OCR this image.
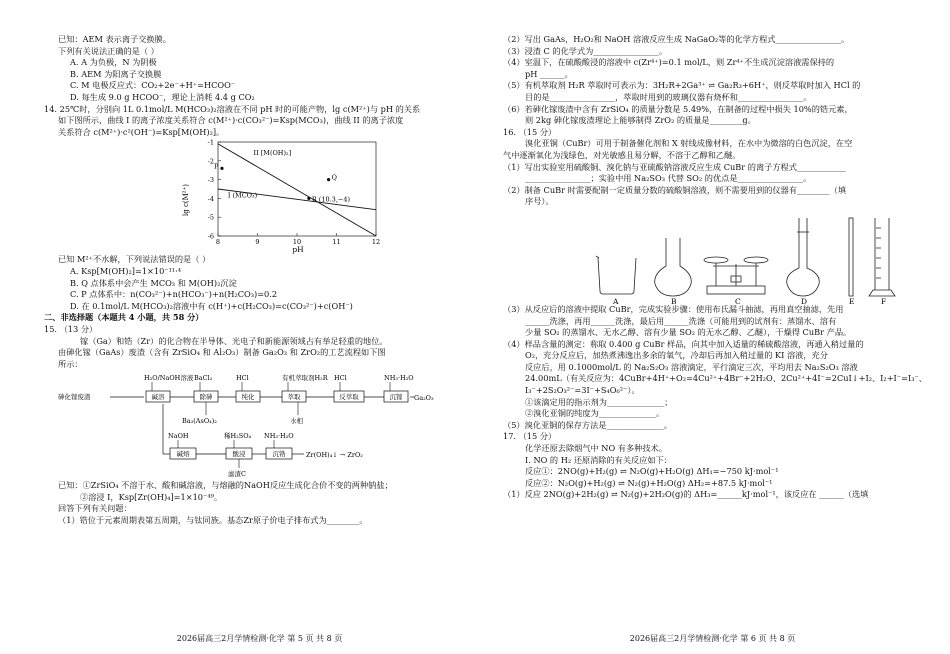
已知：AEM 表示离子交换膜。
下列有关说法正确的是（ ）
A. A 为负极，N 为阴极
B. AEM 为阳离子交换膜
C. M 电极反应式：CO₂+2e⁻+H⁺=HCOO⁻
D. 每生成 9.0 g HCOO⁻，理论上消耗 4.4 g CO₂
14. 25℃时，分别向 1L 0.1mol/L M(HCO₃)₂溶液在不同 pH 时的可能产物，lg c(M²⁺)与 pH 的关系
如下图所示，曲线 I 的离子浓度关系符合 c(M²⁺)·c(CO₃²⁻)=Ksp(MCO₃)，曲线 II 的离子浓度
关系符合 c(M²⁺)·c²(OH⁻)=Ksp[M(OH)₂]。
lg c(M²⁺)
8	9	10	11	12
-1
-2
-3
-4
-5
-6
II [M(OH)₂]
I (MCO₃)
P
Q
R (10.3,−4)
pH
已知 M²⁺不水解，下列说法错误的是（ ）
A. Ksp[M(OH)₂]=1×10⁻¹¹·⁴
B. Q 点体系中会产生 MCO₃ 和 M(OH)₂沉淀
C. P 点体系中：n(CO₃²⁻)+n(HCO₃⁻)+n(H₂CO₃)=0.2
D. 在 0.1mol/L M(HCO₃)₂溶液中有 c(H⁺)+c(H₂CO₃)=c(CO₃²⁻)+c(OH⁻)
二、非选择题（本题共 4 小题，共 58 分）
15. （13 分）
镓（Ga）和锆（Zr）的化合物在半导体、光电子和新能源领域占有举足轻重的地位。
由砷化镓（GaAs）废渣（含有 ZrSiO₄ 和 Al₂O₃）制备 Ga₂O₃ 和 ZrO₂的工艺流程如下图
所示：
砷化镓废渣	碱溶
H₂O/NaOH溶液
除砷
BaCl₂
纯化
HCl
萃取
有机萃取剂H₂R
反萃取
HCl
沉镓
NH₃·H₂O
Ga₂O₃
Ba₃(AsO₄)₂	水相
碱熔
NaOH
酸浸
稀H₂SO₄
沉锆
NH₃·H₂O
Zr(OH)₄↓ → ZrO₂
滤渣C
已知：①ZrSiO₄ 不溶于水、酸和碱溶液，与熔融的NaOH反应生成化合价不变的两种钠盐；
②溶浸 I，Ksp[Zr(OH)₄]=1×10⁻⁴⁹。
回答下列有关问题：
（1）锆位于元素周期表第五周期，与钛同族。基态Zr原子价电子排布式为________。
2026届高三2月学情检测·化学 第 5 页 共 8 页
（2）写出 GaAs，H₂O₂和 NaOH 溶液反应生成 NaGaO₂等的化学方程式________________。
（3）浸渣 C 的化学式为________________。
（4）室温下，在硫酸酸浸的溶液中 c(Zr⁴⁺)=0.1 mol/L，则 Zr⁴⁺不生成沉淀溶液需保持的
pH ______。
（5）有机萃取剂 H₂R 萃取时可表示为：3H₂R+2Ga³⁺ ⇌ Ga₂R₃+6H⁺，则反萃取时加入 HCl 的
目的是________________，萃取时用到的玻璃仪器有烧杯和________________。
（6）若砷化镓废渣中含有 ZrSiO₄ 的质量分数是 5.49%，在制备的过程中损失 10%的锆元素，
则 2kg 砷化镓废渣理论上能够制得 ZrO₂ 的质量是________g。
16. （15 分）
溴化亚铜（CuBr）可用于制备催化剂和 X 射线成像材料，在水中为微溶的白色沉淀，在空
气中逐渐氧化为浅绿色，对光敏感且易分解，不溶于乙醇和乙醚。
（1）写出实验室用硫酸铜、溴化钠与亚硫酸钠溶液反应生成 CuBr 的离子方程式____________
________________；实验中用 Na₂SO₃ 代替 SO₂ 的优点是________________。
（2）制备 CuBr 时需要配制一定质量分数的硫酸铜溶液，则不需要用到的仪器有________（填
序号）。
A	B	C	D	E	F
（3）从反应后的溶液中提取 CuBr，完成实验步骤：使用布氏漏斗抽滤，再用真空抽滤，先用
______洗涤，再用______洗涤，最后用______洗涤（可能用到的试剂有：蒸馏水、溶有
少量 SO₂ 的蒸馏水、无水乙醇、溶有少量 SO₂ 的无水乙醇、乙醚），干燥得 CuBr 产品。
（4）样品含量的测定：称取 0.400 g CuBr 样品，向其中加入适量的稀硫酸溶液，再通入稍过量的
O₂，充分反应后，加热煮沸逸出多余的氧气，冷却后再加入稍过量的 KI 溶液，充分
反应后，用 0.1000mol/L 的 Na₂S₂O₃ 溶液滴定，平行滴定三次，平均用去 Na₂S₂O₃ 溶液
24.00mL（有关反应为：4CuBr+4H⁺+O₂=4Cu²⁺+4Br⁻+2H₂O、2Cu²⁺+4I⁻=2CuI↓+I₂、I₂+I⁻=I₃⁻、
I₃⁻+2S₂O₃²⁻=3I⁻+S₄O₆²⁻）。
①该滴定用的指示剂为______________；
②溴化亚铜的纯度为______________。
（5）溴化亚铜的保存方法是______________。
17. （15 分）
化学还原去除烟气中 NO 有多种技术。
I. NO 的 H₂ 还原消除的有关反应如下：
反应①：2NO(g)+H₂(g) ⇌ N₂O(g)+H₂O(g) ΔH₁=−750 kJ·mol⁻¹
反应②：N₂O(g)+H₂(g) ⇌ N₂(g)+H₂O(g) ΔH₂=+87.5 kJ·mol⁻¹
（1）反应 2NO(g)+2H₂(g) ⇌ N₂(g)+2H₂O(g)的 ΔH₃=______kJ·mol⁻¹，该反应在 ______（选填
2026届高三2月学情检测·化学 第 6 页 共 8 页
